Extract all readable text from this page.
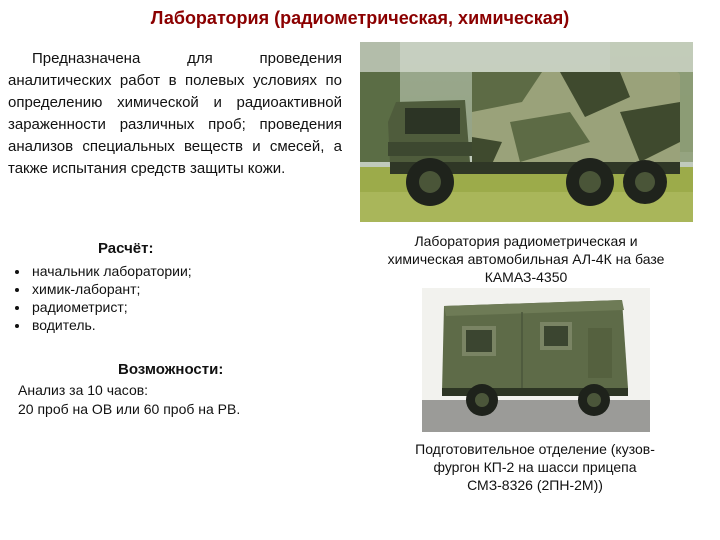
Лаборатория (радиометрическая, химическая)
Предназначена для проведения аналитических работ в полевых условиях по определению химической и радиоактивной зараженности различных проб; проведения анализов специальных веществ и смесей, а также испытания средств защиты кожи.
Лаборатория радиометрическая и химическая автомобильная АЛ-4К на базе КАМАЗ-4350
Расчёт:
• начальник лаборатории;
• химик-лаборант;
• радиометрист;
• водитель.
Возможности:
Анализ за 10 часов:
20 проб на ОВ или 60 проб на РВ.
Подготовительное отделение (кузов-фургон КП-2 на шасси прицепа СМЗ-8326 (2ПН-2М))
